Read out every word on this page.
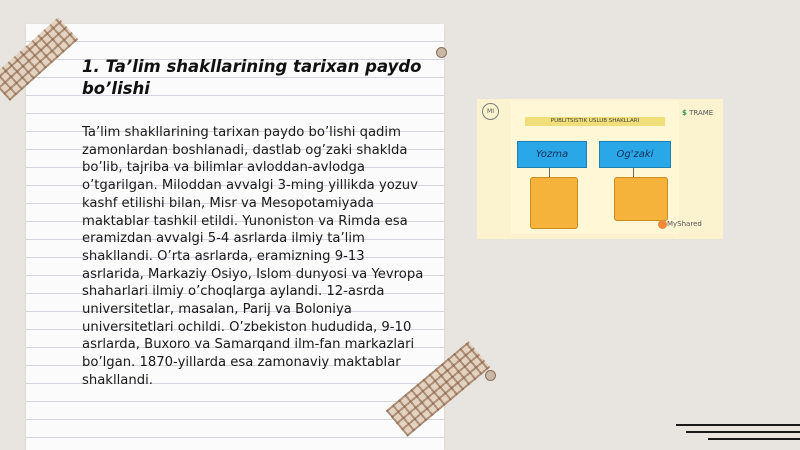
1. Ta’lim shakllarining tarixan paydo bo’lishi
Ta’lim shakllarining tarixan paydo bo’lishi qadim zamonlardan boshlanadi, dastlab og’zaki shaklda bo’lib, tajriba va bilimlar avloddan-avlodga o’tgarilgan. Miloddan avvalgi 3-ming yillikda yozuv kashf etilishi bilan, Misr va Mesopotamiyada maktablar tashkil etildi. Yunoniston va Rimda esa eramizdan avvalgi 5-4 asrlarda ilmiy ta’lim shakllandi. O’rta asrlarda, eramizning 9-13 asrlarida, Markaziy Osiyo, Islom dunyosi va Yevropa shaharlari ilmiy o’choqlarga aylandi. 12-asrda universitetlar, masalan, Parij va Boloniya universitetlari ochildi. O’zbekiston hududida, 9-10 asrlarda, Buxoro va Samarqand ilm-fan markazlari bo’lgan. 1870-yillarda esa zamonaviy maktablar shakllandi.
MI
PUBLITSISTIK USLUB SHAKLLARI
Yozma	Og'zaki
$ TRAME
MyShared
